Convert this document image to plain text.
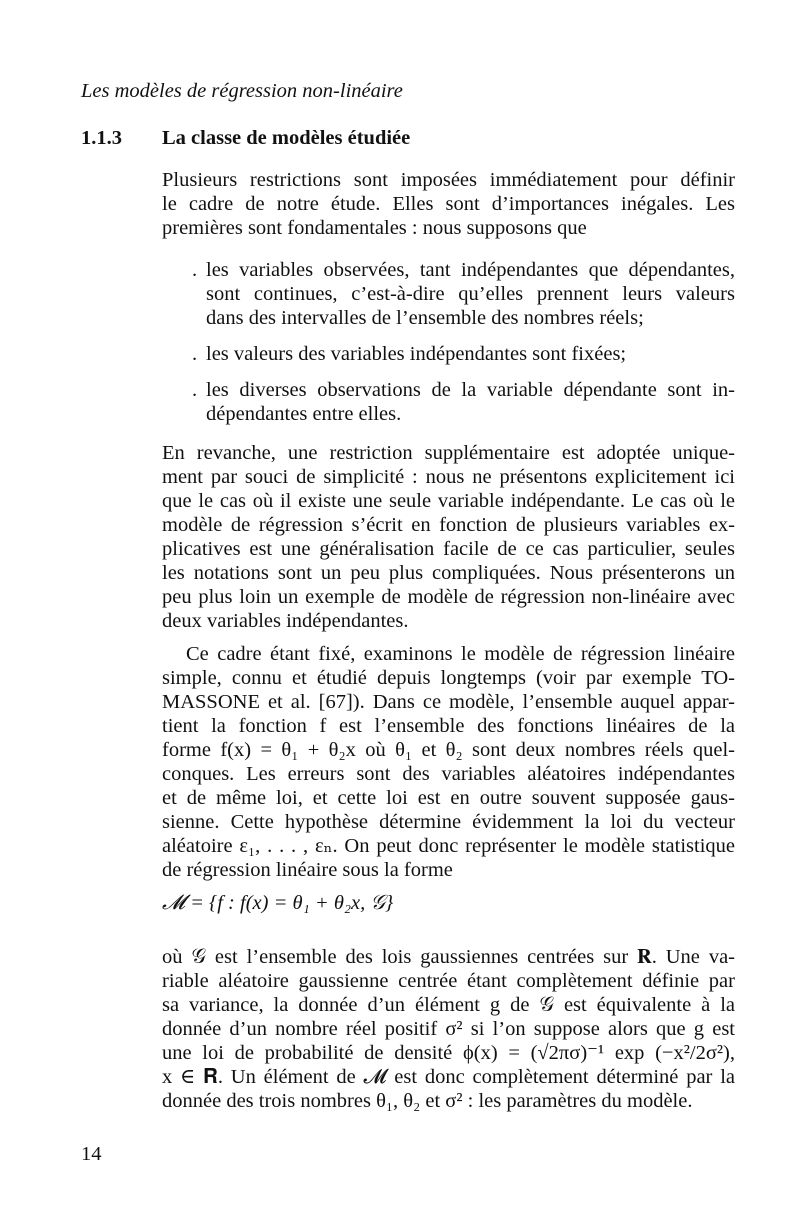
Les modèles de régression non-linéaire
1.1.3 La classe de modèles étudiée
Plusieurs restrictions sont imposées immédiatement pour définir
le cadre de notre étude. Elles sont d’importances inégales. Les
premières sont fondamentales : nous supposons que
. les variables observées, tant indépendantes que dépendantes,
sont continues, c’est-à-dire qu’elles prennent leurs valeurs
dans des intervalles de l’ensemble des nombres réels;
. les valeurs des variables indépendantes sont fixées;
. les diverses observations de la variable dépendante sont in-
dépendantes entre elles.
En revanche, une restriction supplémentaire est adoptée unique-
ment par souci de simplicité : nous ne présentons explicitement ici
que le cas où il existe une seule variable indépendante. Le cas où le
modèle de régression s’écrit en fonction de plusieurs variables ex-
plicatives est une généralisation facile de ce cas particulier, seules
les notations sont un peu plus compliquées. Nous présenterons un
peu plus loin un exemple de modèle de régression non-linéaire avec
deux variables indépendantes.
Ce cadre étant fixé, examinons le modèle de régression linéaire
simple, connu et étudié depuis longtemps (voir par exemple TO-
MASSONE et al. [67]). Dans ce modèle, l’ensemble auquel appar-
tient la fonction f est l’ensemble des fonctions linéaires de la
forme f(x) = θ₁ + θ₂x où θ₁ et θ₂ sont deux nombres réels quel-
conques. Les erreurs sont des variables aléatoires indépendantes
et de même loi, et cette loi est en outre souvent supposée gaus-
sienne. Cette hypothèse détermine évidemment la loi du vecteur
aléatoire ε₁, . . . , εₙ. On peut donc représenter le modèle statistique
de régression linéaire sous la forme
𝓜 = {f : f(x) = θ₁ + θ₂x, 𝒢}
où 𝒢 est l’ensemble des lois gaussiennes centrées sur 𝐑. Une va-
riable aléatoire gaussienne centrée étant complètement définie par
sa variance, la donnée d’un élément g de 𝒢 est équivalente à la
donnée d’un nombre réel positif σ² si l’on suppose alors que g est
une loi de probabilité de densité ϕ(x) = (√2πσ)⁻¹ exp (−x²/2σ²),
x ∈ 𝐑. Un élément de 𝓜 est donc complètement déterminé par la
donnée des trois nombres θ₁, θ₂ et σ² : les paramètres du modèle.
14
